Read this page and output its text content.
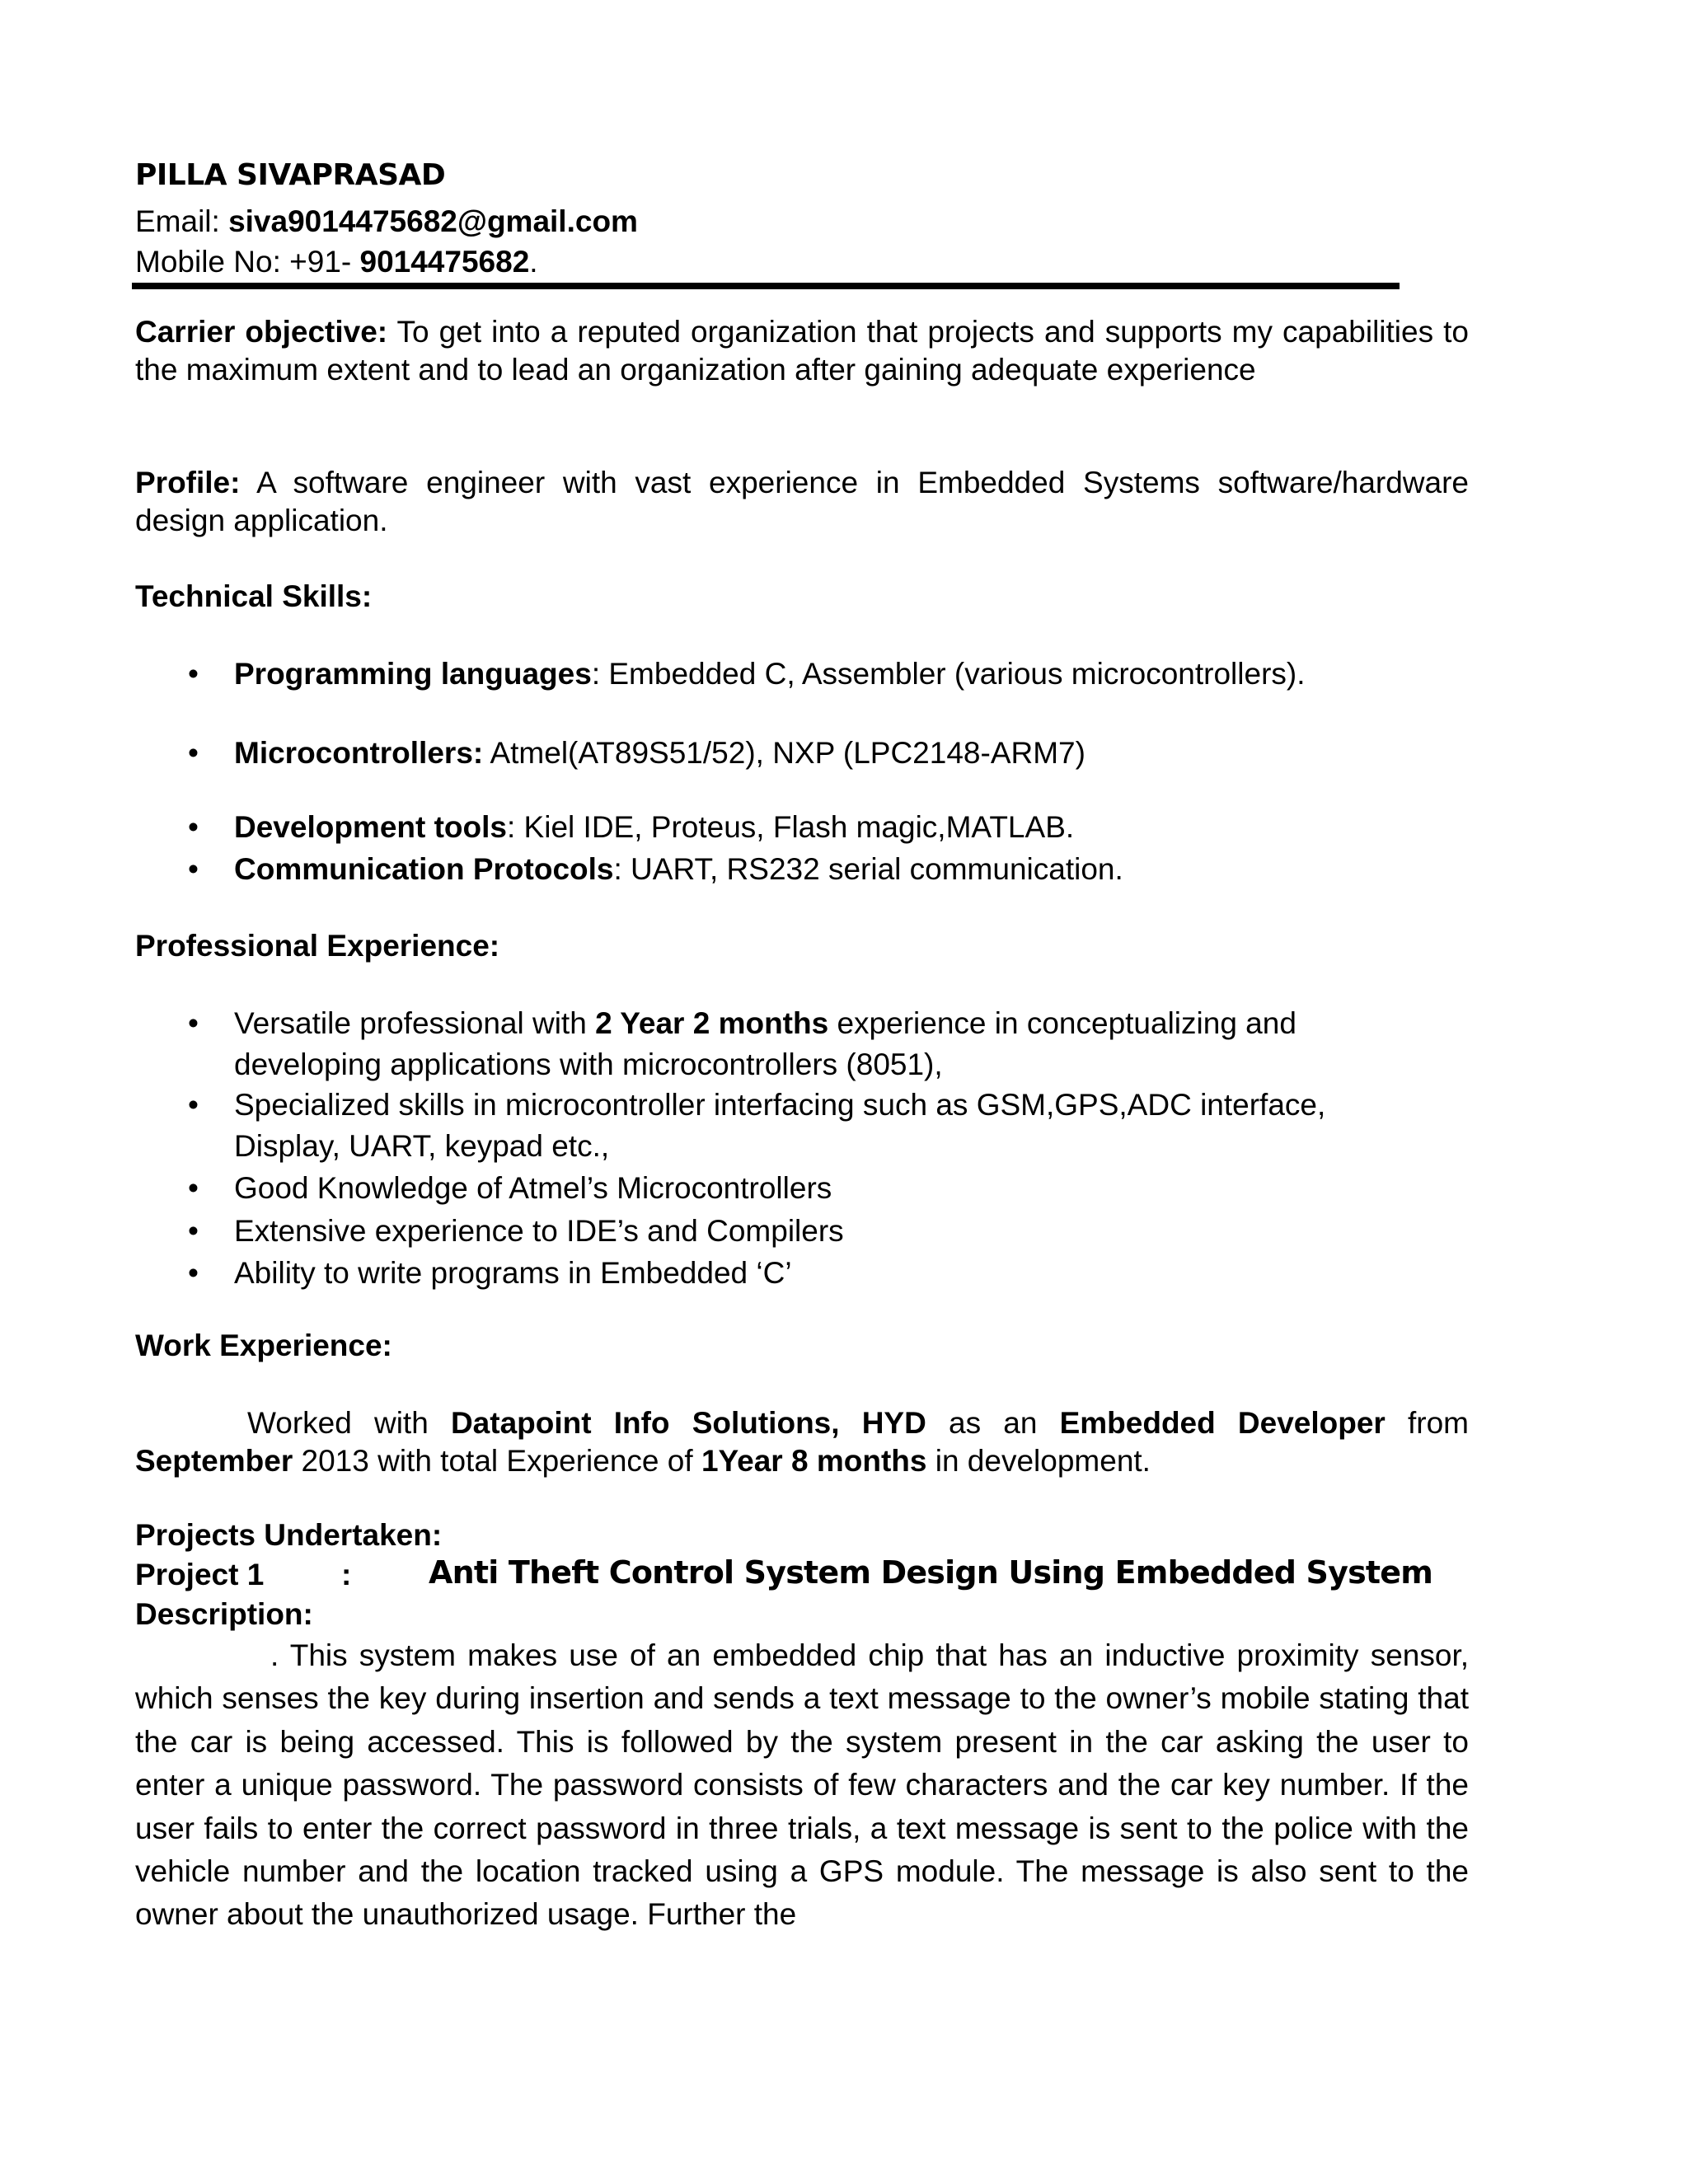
PILLA SIVAPRASAD
Email: siva9014475682@gmail.com
Mobile No: +91- 9014475682.
Carrier objective: To get into a reputed organization that projects and supports my capabilities to the maximum extent and to lead an organization after gaining adequate experience
Profile: A software engineer with vast experience in Embedded Systems software/hardware design application.
Technical Skills:
• Programming languages: Embedded C, Assembler (various microcontrollers).
• Microcontrollers: Atmel(AT89S51/52), NXP (LPC2148-ARM7)
• Development tools: Kiel IDE, Proteus, Flash magic,MATLAB.
• Communication Protocols: UART, RS232 serial communication.
Professional Experience:
• Versatile professional with 2 Year 2 months experience in conceptualizing and developing applications with microcontrollers (8051),
• Specialized skills in microcontroller interfacing such as GSM,GPS,ADC interface, Display, UART, keypad etc.,
• Good Knowledge of Atmel’s Microcontrollers
• Extensive experience to IDE’s and Compilers
• Ability to write programs in Embedded ‘C’
Work Experience:
Worked with Datapoint Info Solutions, HYD as an Embedded Developer from September 2013 with total Experience of 1Year 8 months in development.
Projects Undertaken:
Project 1	: Anti Theft Control System Design Using Embedded System
Description:
. This system makes use of an embedded chip that has an inductive proximity sensor, which senses the key during insertion and sends a text message to the owner’s mobile stating that the car is being accessed. This is followed by the system present in the car asking the user to enter a unique password. The password consists of few characters and the car key number. If the user fails to enter the correct password in three trials, a text message is sent to the police with the vehicle number and the location tracked using a GPS module. The message is also sent to the owner about the unauthorized usage. Further the
